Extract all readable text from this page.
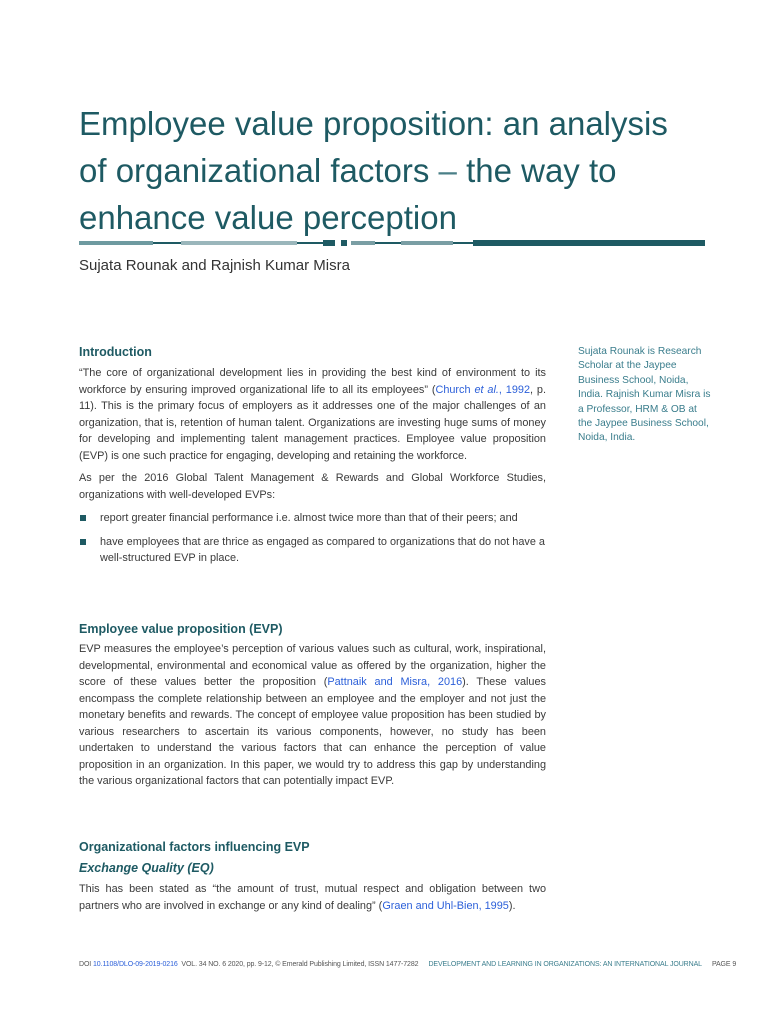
Employee value proposition: an analysis
of organizational factors – the way to
enhance value perception
Sujata Rounak and Rajnish Kumar Misra
Sujata Rounak is Research Scholar at the Jaypee Business School, Noida, India. Rajnish Kumar Misra is a Professor, HRM & OB at the Jaypee Business School, Noida, India.
Introduction

“The core of organizational development lies in providing the best kind of environment to its workforce by ensuring improved organizational life to all its employees” (Church et al., 1992, p. 11). This is the primary focus of employers as it addresses one of the major challenges of an organization, that is, retention of human talent. Organizations are investing huge sums of money for developing and implementing talent management practices. Employee value proposition (EVP) is one such practice for engaging, developing and retaining the workforce.

As per the 2016 Global Talent Management & Rewards and Global Workforce Studies, organizations with well-developed EVPs:

report greater financial performance i.e. almost twice more than that of their peers; and
have employees that are thrice as engaged as compared to organizations that do not have a well-structured EVP in place.
Employee value proposition (EVP)

EVP measures the employee’s perception of various values such as cultural, work, inspirational, developmental, environmental and economical value as offered by the organization, higher the score of these values better the proposition (Pattnaik and Misra, 2016). These values encompass the complete relationship between an employee and the employer and not just the monetary benefits and rewards. The concept of employee value proposition has been studied by various researchers to ascertain its various components, however, no study has been undertaken to understand the various factors that can enhance the perception of value proposition in an organization. In this paper, we would try to address this gap by understanding the various organizational factors that can potentially impact EVP.

Organizational factors influencing EVP
Exchange Quality (EQ)

This has been stated as “the amount of trust, mutual respect and obligation between two partners who are involved in exchange or any kind of dealing” (Graen and Uhl-Bien, 1995).

DOI
10.1108/DLO-09-2019-0216
VOL. 34 NO. 6 2020, pp. 9-12, © Emerald Publishing Limited, ISSN 1477-7282 DEVELOPMENT AND LEARNING IN ORGANIZATIONS: AN INTERNATIONAL JOURNAL PAGE 9
